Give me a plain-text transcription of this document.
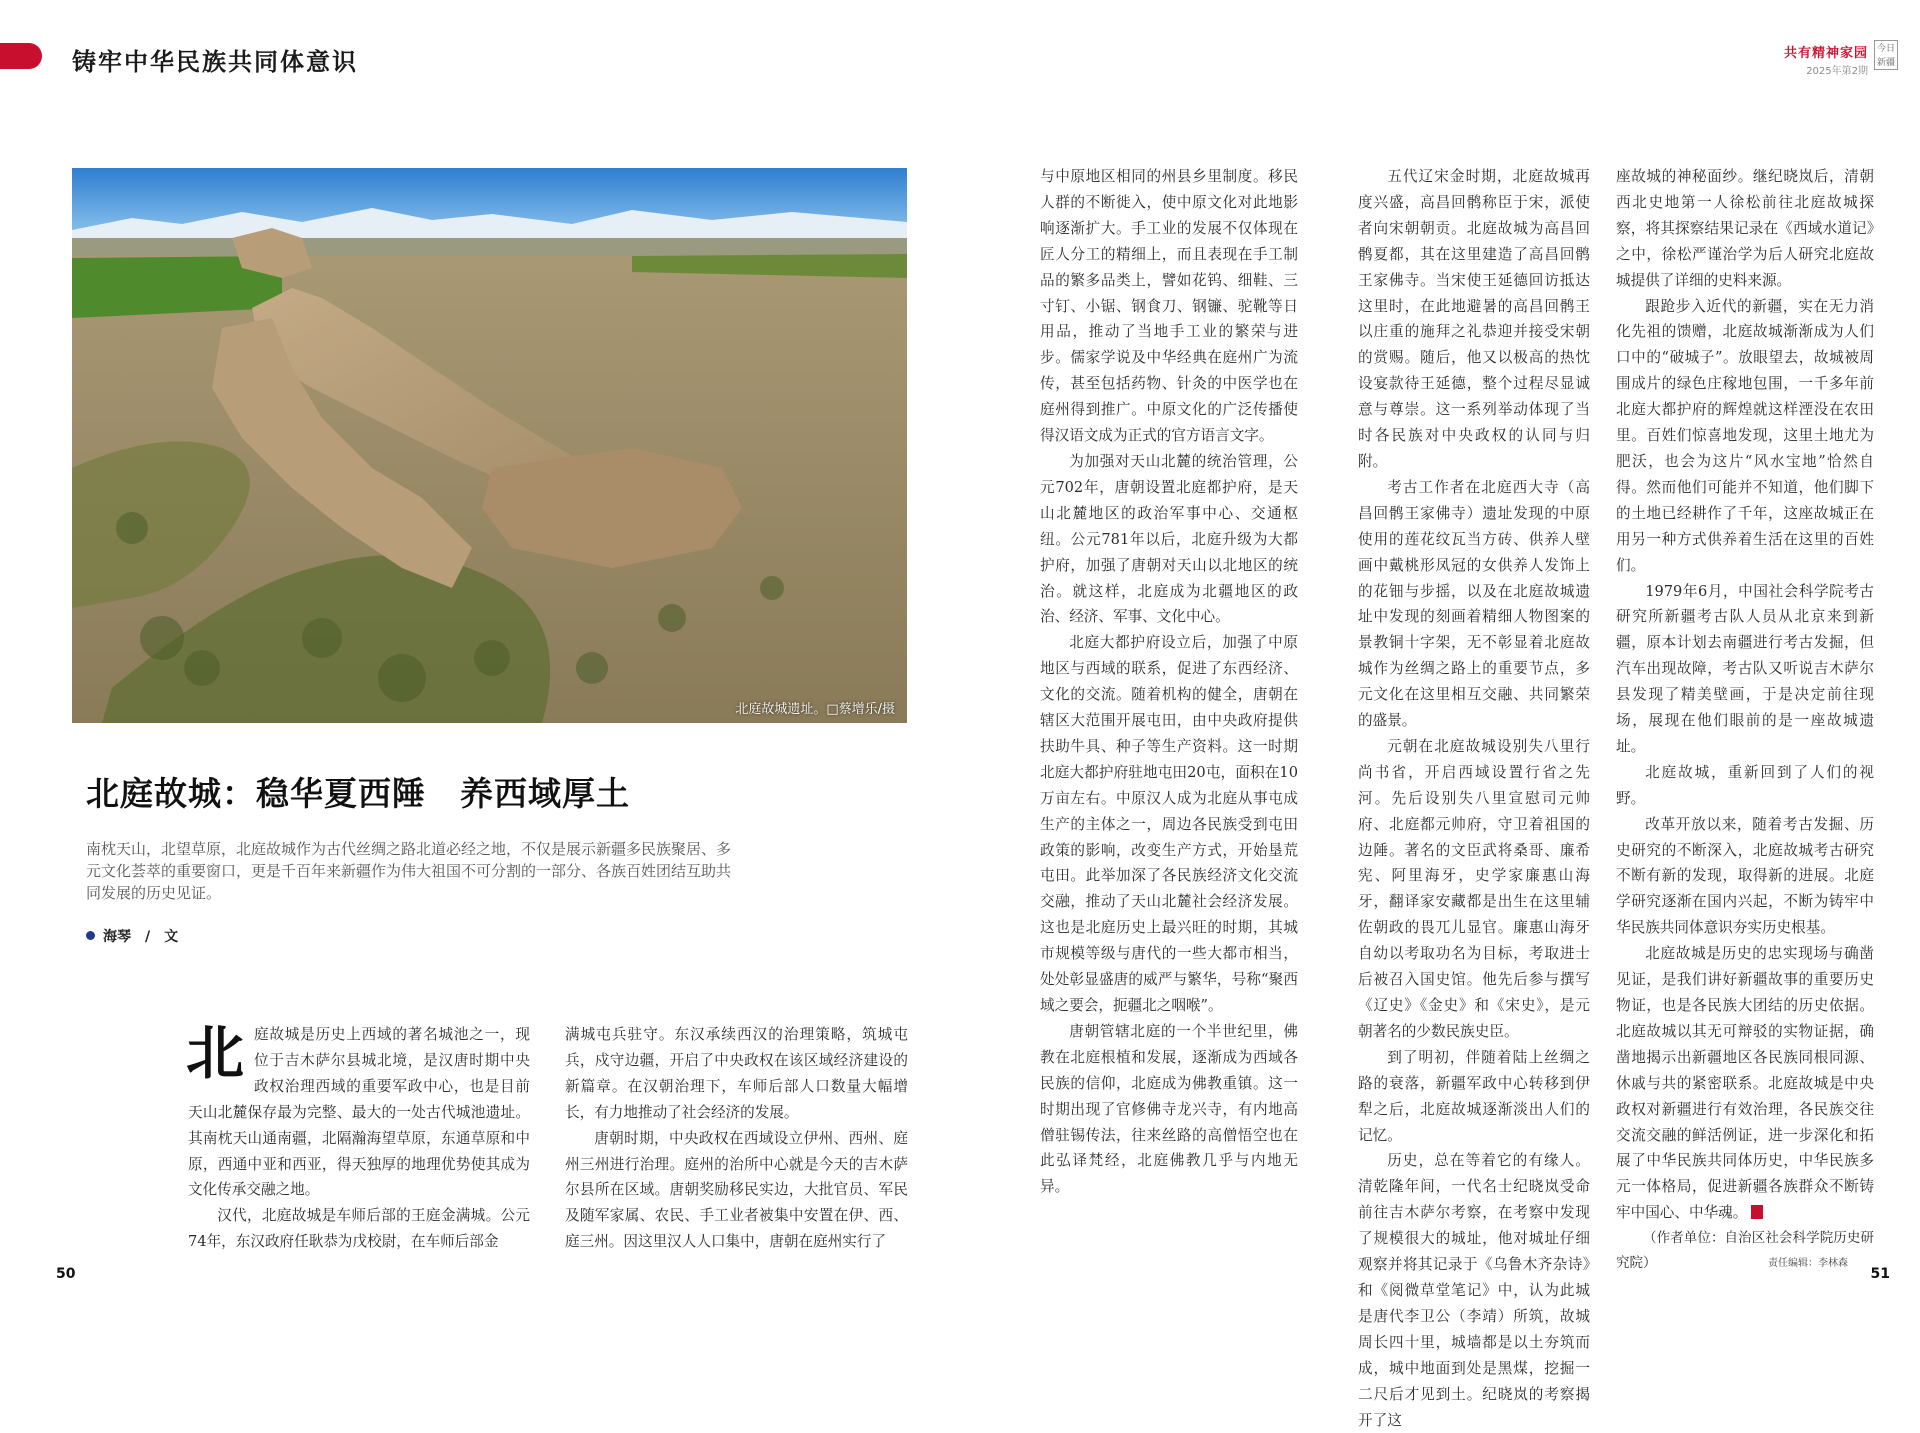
铸牢中华民族共同体意识
北庭故城遗址。□蔡增乐/摄
北庭故城：稳华夏西陲　养西域厚土
南枕天山，北望草原，北庭故城作为古代丝绸之路北道必经之地，不仅是展示新疆多民族聚居、多元文化荟萃的重要窗口，更是千百年来新疆作为伟大祖国不可分割的一部分、各族百姓团结互助共同发展的历史见证。
海琴　/　文
北 庭故城是历史上西域的著名城池之一，现位于吉木萨尔县城北境，是汉唐时期中央政权治理西域的重要军政中心，也是目前天山北麓保存最为完整、最大的一处古代城池遗址。其南枕天山通南疆，北隔瀚海望草原，东通草原和中原，西通中亚和西亚，得天独厚的地理优势使其成为文化传承交融之地。

汉代，北庭故城是车师后部的王庭金满城。公元74年，东汉政府任耿恭为戊校尉，在车师后部金

满城屯兵驻守。东汉承续西汉的治理策略，筑城屯兵，戍守边疆，开启了中央政权在该区域经济建设的新篇章。在汉朝治理下，车师后部人口数量大幅增长，有力地推动了社会经济的发展。

唐朝时期，中央政权在西域设立伊州、西州、庭州三州进行治理。庭州的治所中心就是今天的吉木萨尔县所在区域。唐朝奖励移民实边，大批官员、军民及随军家属、农民、手工业者被集中安置在伊、西、庭三州。因这里汉人人口集中，唐朝在庭州实行了

50
共有精神家园
2025年第2期
今日新疆
责任编辑：李林森
51

与中原地区相同的州县乡里制度。移民人群的不断徙入，使中原文化对此地影响逐渐扩大。手工业的发展不仅体现在匠人分工的精细上，而且表现在手工制品的繁多品类上，譬如花钨、细鞋、三寸钉、小锯、钢食刀、钢镰、驼靴等日用品，推动了当地手工业的繁荣与进步。儒家学说及中华经典在庭州广为流传，甚至包括药物、针灸的中医学也在庭州得到推广。中原文化的广泛传播使得汉语文成为正式的官方语言文字。

为加强对天山北麓的统治管理，公元702年，唐朝设置北庭都护府，是天山北麓地区的政治军事中心、交通枢纽。公元781年以后，北庭升级为大都护府，加强了唐朝对天山以北地区的统治。就这样，北庭成为北疆地区的政治、经济、军事、文化中心。

北庭大都护府设立后，加强了中原地区与西域的联系，促进了东西经济、文化的交流。随着机构的健全，唐朝在辖区大范围开展屯田，由中央政府提供扶助牛具、种子等生产资料。这一时期北庭大都护府驻地屯田20屯，面积在10万亩左右。中原汉人成为北庭从事屯成生产的主体之一，周边各民族受到屯田政策的影响，改变生产方式，开始垦荒屯田。此举加深了各民族经济文化交流交融，推动了天山北麓社会经济发展。这也是北庭历史上最兴旺的时期，其城市规模等级与唐代的一些大都市相当，处处彰显盛唐的威严与繁华，号称“聚西域之要会，扼疆北之咽喉”。

唐朝管辖北庭的一个半世纪里，佛教在北庭根植和发展，逐渐成为西域各民族的信仰，北庭成为佛教重镇。这一时期出现了官修佛寺龙兴寺，有内地高僧驻锡传法，往来丝路的高僧悟空也在此弘译梵经，北庭佛教几乎与内地无异。

五代辽宋金时期，北庭故城再度兴盛，高昌回鹘称臣于宋，派使者向宋朝朝贡。北庭故城为高昌回鹘夏都，其在这里建造了高昌回鹘王家佛寺。当宋使王延德回访抵达这里时，在此地避暑的高昌回鹘王以庄重的施拜之礼恭迎并接受宋朝的赏赐。随后，他又以极高的热忱设宴款待王延德，整个过程尽显诚意与尊崇。这一系列举动体现了当时各民族对中央政权的认同与归附。

考古工作者在北庭西大寺（高昌回鹘王家佛寺）遗址发现的中原使用的莲花纹瓦当方砖、供养人壁画中戴桃形凤冠的女供养人发饰上的花钿与步摇，以及在北庭故城遗址中发现的刻画着精细人物图案的景教铜十字架，无不彰显着北庭故城作为丝绸之路上的重要节点，多元文化在这里相互交融、共同繁荣的盛景。

元朝在北庭故城设别失八里行尚书省，开启西域设置行省之先河。先后设别失八里宣慰司元帅府、北庭都元帅府，守卫着祖国的边陲。著名的文臣武将桑哥、廉希宪、阿里海牙，史学家廉惠山海牙，翻译家安藏都是出生在这里辅佐朝政的畏兀儿显官。廉惠山海牙自幼以考取功名为目标，考取进士后被召入国史馆。他先后参与撰写《辽史》《金史》和《宋史》，是元朝著名的少数民族史臣。

到了明初，伴随着陆上丝绸之路的衰落，新疆军政中心转移到伊犁之后，北庭故城逐渐淡出人们的记忆。

历史，总在等着它的有缘人。清乾隆年间，一代名士纪晓岚受命前往吉木萨尔考察，在考察中发现了规模很大的城址，他对城址仔细观察并将其记录于《乌鲁木齐杂诗》和《阅微草堂笔记》中，认为此城是唐代李卫公（李靖）所筑，故城周长四十里，城墙都是以土夯筑而成，城中地面到处是黑煤，挖掘一二尺后才见到土。纪晓岚的考察揭开了这

座故城的神秘面纱。继纪晓岚后，清朝西北史地第一人徐松前往北庭故城探察，将其探察结果记录在《西域水道记》之中，徐松严谨治学为后人研究北庭故城提供了详细的史料来源。

跟跄步入近代的新疆，实在无力消化先祖的馈赠，北庭故城渐渐成为人们口中的“破城子”。放眼望去，故城被周围成片的绿色庄稼地包围，一千多年前北庭大都护府的辉煌就这样湮没在农田里。百姓们惊喜地发现，这里土地尤为肥沃，也会为这片“风水宝地”恰然自得。然而他们可能并不知道，他们脚下的土地已经耕作了千年，这座故城正在用另一种方式供养着生活在这里的百姓们。

1979年6月，中国社会科学院考古研究所新疆考古队人员从北京来到新疆，原本计划去南疆进行考古发掘，但汽车出现故障，考古队又听说吉木萨尔县发现了精美壁画，于是决定前往现场，展现在他们眼前的是一座故城遗址。

北庭故城，重新回到了人们的视野。

改革开放以来，随着考古发掘、历史研究的不断深入，北庭故城考古研究不断有新的发现，取得新的进展。北庭学研究逐渐在国内兴起，不断为铸牢中华民族共同体意识夯实历史根基。

北庭故城是历史的忠实现场与确凿见证，是我们讲好新疆故事的重要历史物证，也是各民族大团结的历史依据。北庭故城以其无可辩驳的实物证据，确凿地揭示出新疆地区各民族同根同源、休戚与共的紧密联系。北庭故城是中央政权对新疆进行有效治理，各民族交往交流交融的鲜活例证，进一步深化和拓展了中华民族共同体历史，中华民族多元一体格局，促进新疆各族群众不断铸牢中国心、中华魂。

（作者单位：自治区社会科学院历史研究院）
